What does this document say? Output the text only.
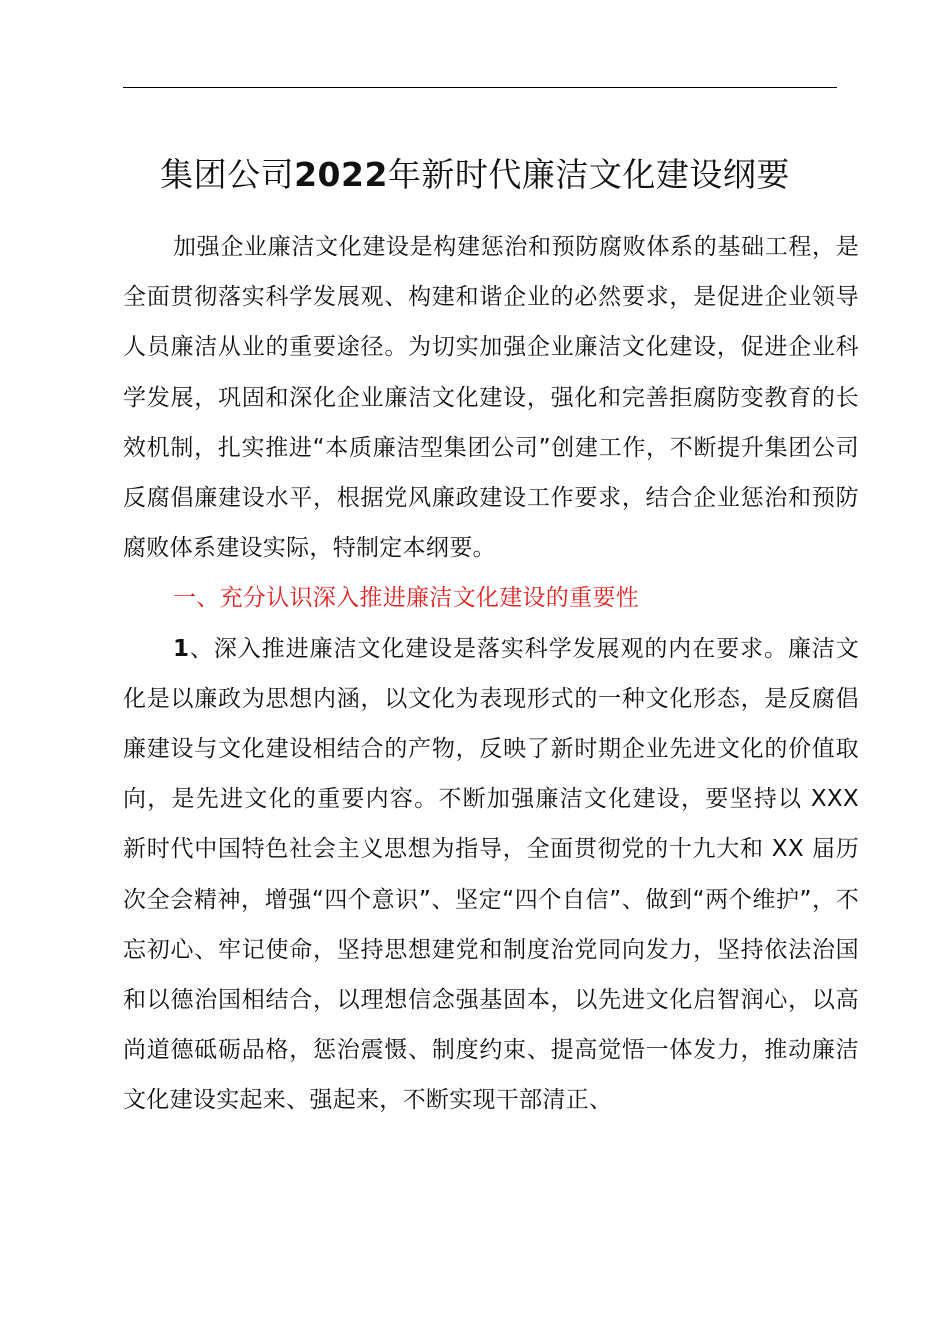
集团公司2022年新时代廉洁文化建设纲要

加强企业廉洁文化建设是构建惩治和预防腐败体系的基础工程，是全面贯彻落实科学发展观、构建和谐企业的必然要求，是促进企业领导人员廉洁从业的重要途径。为切实加强企业廉洁文化建设，促进企业科学发展，巩固和深化企业廉洁文化建设，强化和完善拒腐防变教育的长效机制，扎实推进“本质廉洁型集团公司”创建工作，不断提升集团公司反腐倡廉建设水平，根据党风廉政建设工作要求，结合企业惩治和预防腐败体系建设实际，特制定本纲要。

一、充分认识深入推进廉洁文化建设的重要性

1、深入推进廉洁文化建设是落实科学发展观的内在要求。廉洁文化是以廉政为思想内涵，以文化为表现形式的一种文化形态，是反腐倡廉建设与文化建设相结合的产物，反映了新时期企业先进文化的价值取向，是先进文化的重要内容。不断加强廉洁文化建设，要坚持以 XXX 新时代中国特色社会主义思想为指导，全面贯彻党的十九大和 XX 届历次全会精神，增强“四个意识”、坚定“四个自信”、做到“两个维护”，不忘初心、牢记使命，坚持思想建党和制度治党同向发力，坚持依法治国和以德治国相结合，以理想信念强基固本，以先进文化启智润心，以高尚道德砥砺品格，惩治震慑、制度约束、提高觉悟一体发力，推动廉洁文化建设实起来、强起来，不断实现干部清正、
